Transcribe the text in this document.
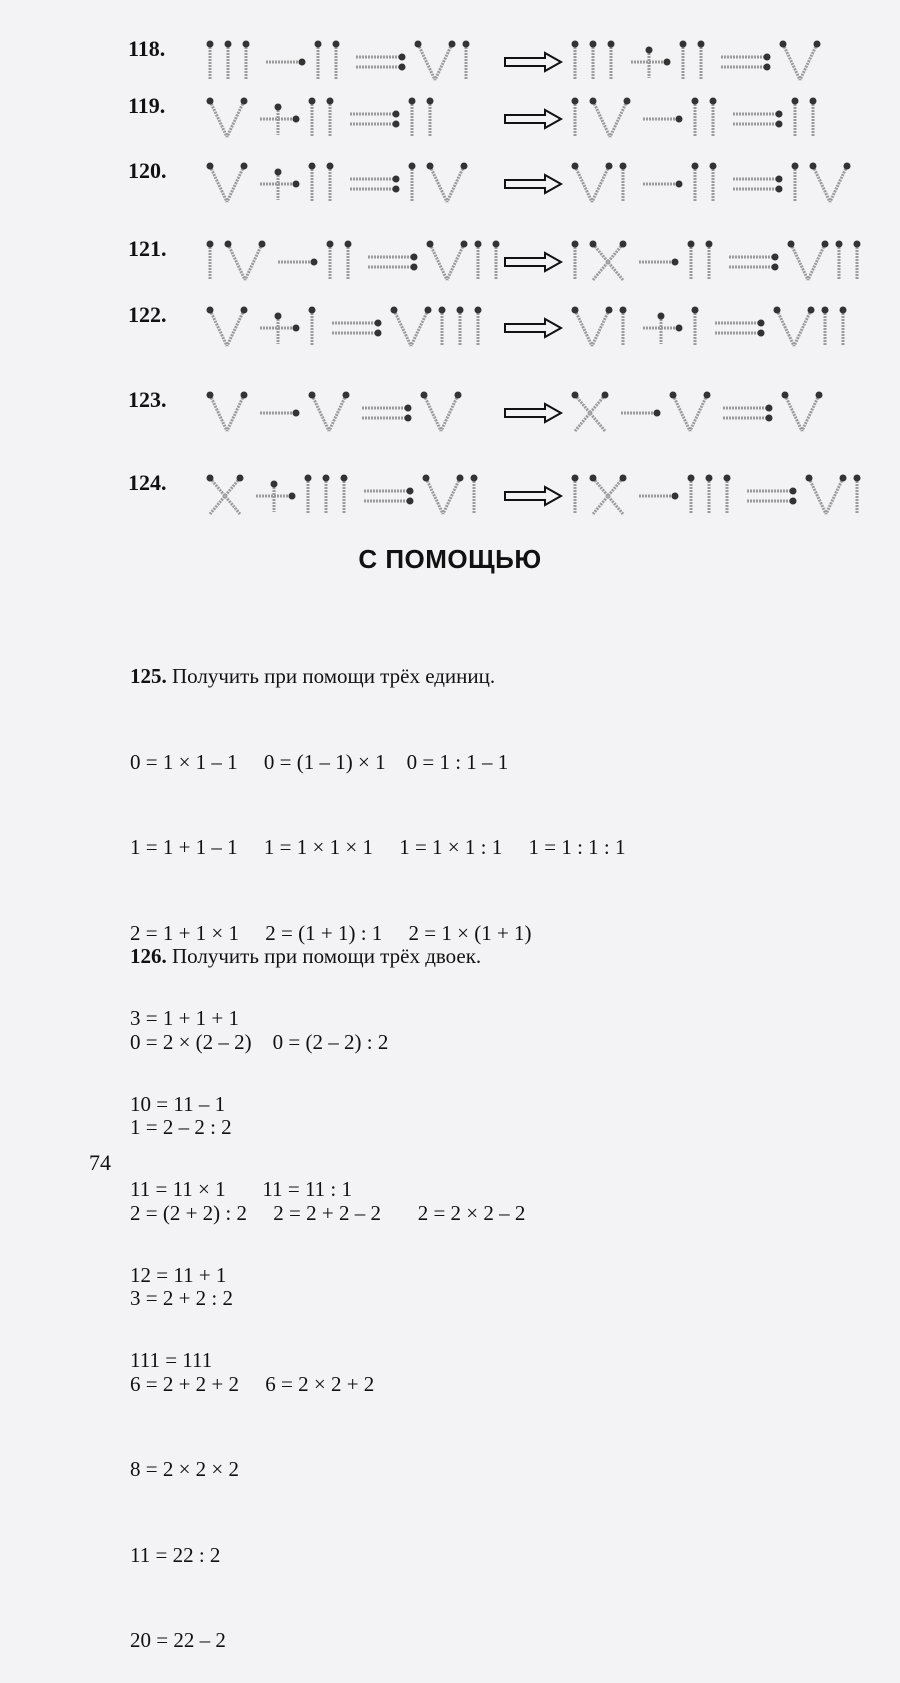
118.
119.
120.
121.
122.
123.
124.
С ПОМОЩЬЮ

125. Получить при помощи трёх единиц.

0 = 1 × 1 – 1     0 = (1 – 1) × 1    0 = 1 : 1 – 1

1 = 1 + 1 – 1     1 = 1 × 1 × 1     1 = 1 × 1 : 1     1 = 1 : 1 : 1

2 = 1 + 1 × 1     2 = (1 + 1) : 1     2 = 1 × (1 + 1)

3 = 1 + 1 + 1

10 = 11 – 1

11 = 11 × 1       11 = 11 : 1

12 = 11 + 1

111 = 111

126. Получить при помощи трёх двоек.

0 = 2 × (2 – 2)    0 = (2 – 2) : 2

1 = 2 – 2 : 2

2 = (2 + 2) : 2     2 = 2 + 2 – 2       2 = 2 × 2 – 2

3 = 2 + 2 : 2

6 = 2 + 2 + 2     6 = 2 × 2 + 2

8 = 2 × 2 × 2

11 = 22 : 2

20 = 22 – 2

74
